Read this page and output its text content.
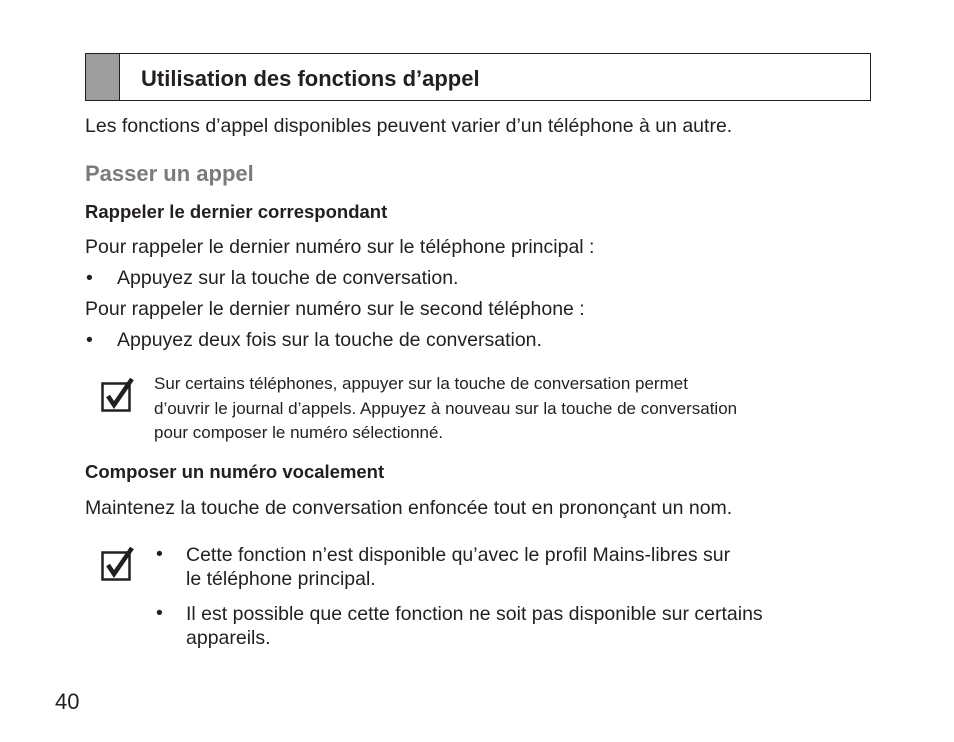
Utilisation des fonctions d’appel
Les fonctions d’appel disponibles peuvent varier d’un téléphone à un autre.
Passer un appel
Rappeler le dernier correspondant
Pour rappeler le dernier numéro sur le téléphone principal :
• Appuyez sur la touche de conversation.
Pour rappeler le dernier numéro sur le second téléphone :
• Appuyez deux fois sur la touche de conversation.
Sur certains téléphones, appuyer sur la touche de conversation permet
d’ouvrir le journal d’appels. Appuyez à nouveau sur la touche de conversation
pour composer le numéro sélectionné.
Composer un numéro vocalement
Maintenez la touche de conversation enfoncée tout en prononçant un nom.
• Cette fonction n’est disponible qu’avec le profil Mains-libres sur
le téléphone principal.
• Il est possible que cette fonction ne soit pas disponible sur certains
appareils.
40
